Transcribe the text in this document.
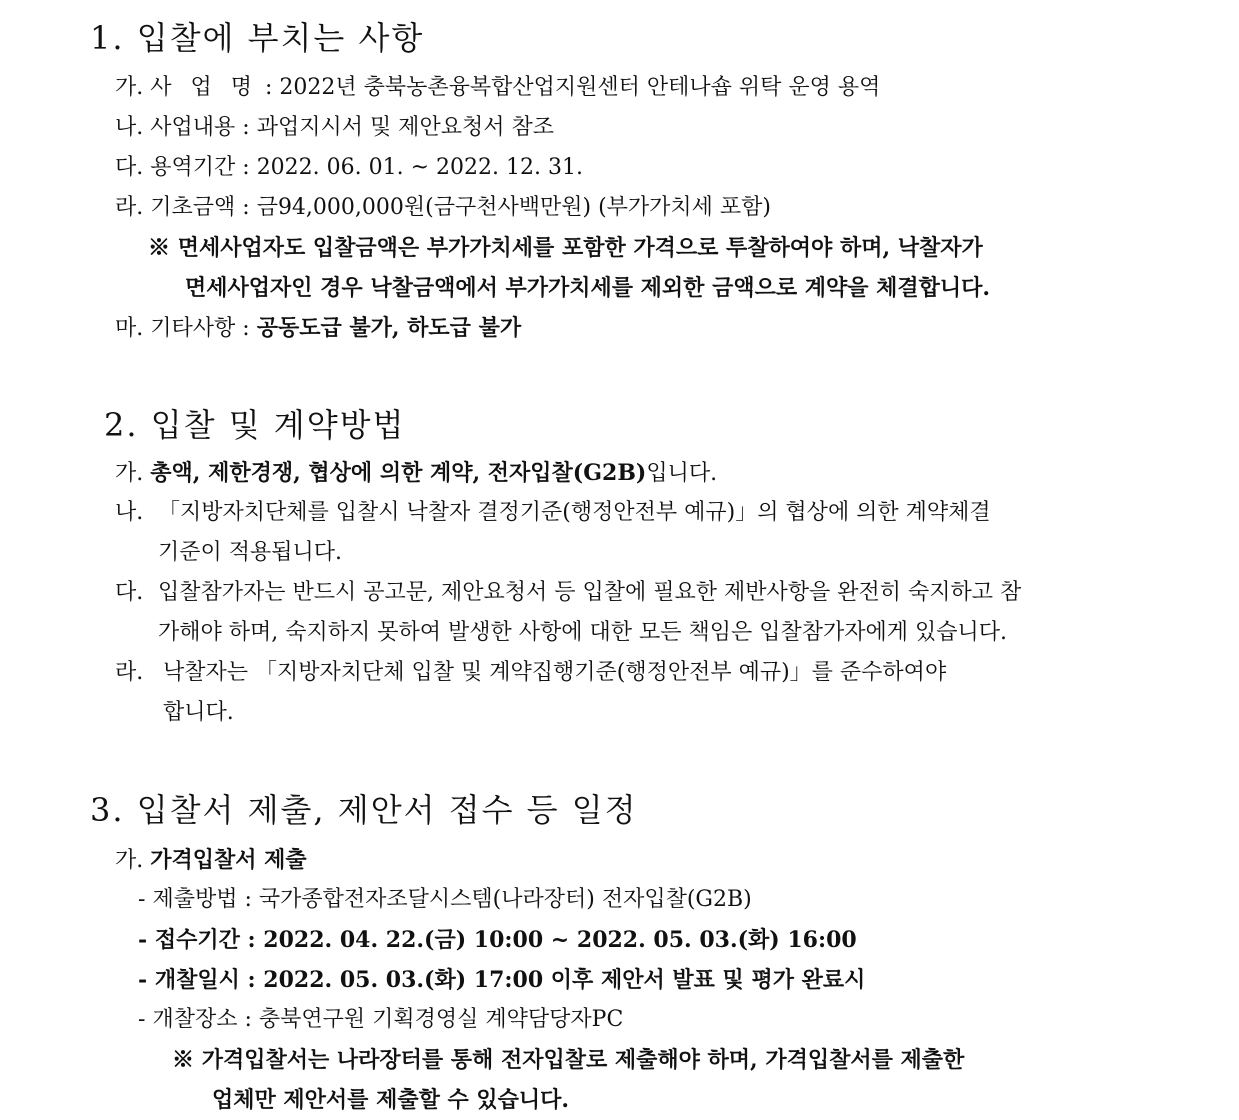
1. 입찰에 부치는 사항
가. 사 업 명 : 2022년 충북농촌융복합산업지원센터 안테나숍 위탁 운영 용역
나. 사업내용 : 과업지시서 및 제안요청서 참조
다. 용역기간 : 2022. 06. 01. ~ 2022. 12. 31.
라. 기초금액 : 금94,000,000원(금구천사백만원) (부가가치세 포함)
※ 면세사업자도 입찰금액은 부가가치세를 포함한 가격으로 투찰하여야 하며, 낙찰자가
면세사업자인 경우 낙찰금액에서 부가가치세를 제외한 금액으로 계약을 체결합니다.
마. 기타사항 : 공동도급 불가, 하도급 불가
2. 입찰 및 계약방법
가. 총액, 제한경쟁, 협상에 의한 계약, 전자입찰(G2B)입니다.
나. 「지방자치단체를 입찰시 낙찰자 결정기준(행정안전부 예규)」의 협상에 의한 계약체결
기준이 적용됩니다.
다. 입찰참가자는 반드시 공고문, 제안요청서 등 입찰에 필요한 제반사항을 완전히 숙지하고 참
가해야 하며, 숙지하지 못하여 발생한 사항에 대한 모든 책임은 입찰참가자에게 있습니다.
라. 낙찰자는 「지방자치단체 입찰 및 계약집행기준(행정안전부 예규)」를 준수하여야
합니다.
3. 입찰서 제출, 제안서 접수 등 일정
가. 가격입찰서 제출
- 제출방법 : 국가종합전자조달시스템(나라장터) 전자입찰(G2B)
- 접수기간 : 2022. 04. 22.(금) 10:00 ~ 2022. 05. 03.(화) 16:00
- 개찰일시 : 2022. 05. 03.(화) 17:00 이후 제안서 발표 및 평가 완료시
- 개찰장소 : 충북연구원 기획경영실 계약담당자PC
※ 가격입찰서는 나라장터를 통해 전자입찰로 제출해야 하며, 가격입찰서를 제출한
업체만 제안서를 제출할 수 있습니다.
